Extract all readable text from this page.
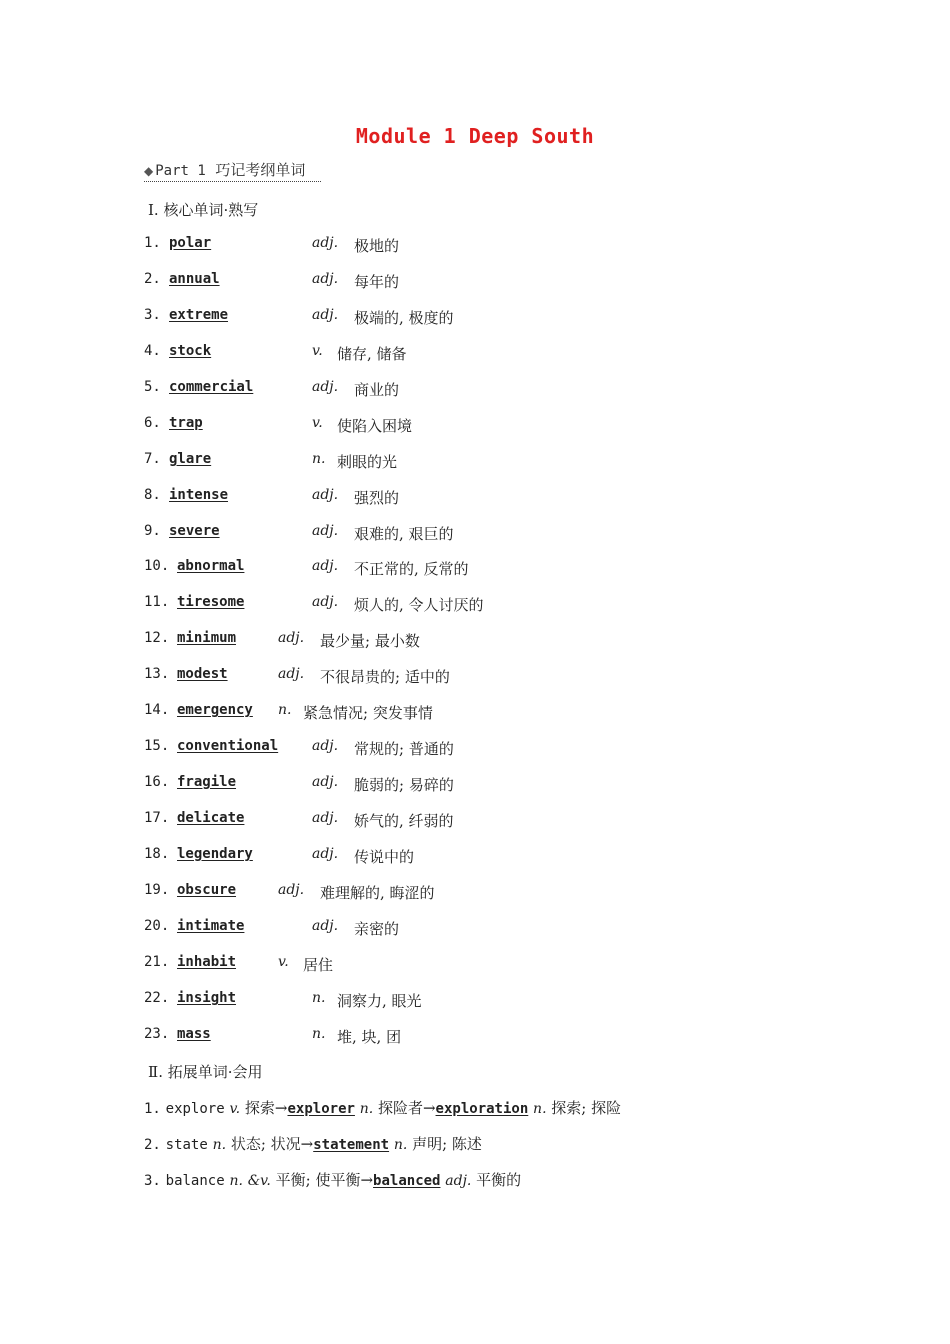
Module 1 Deep South
◆ Part 1 巧记考纲单词
Ⅰ. 核心单词·熟写
1. polar	adj. 极地的
2. annual	adj. 每年的
3. extreme	adj. 极端的, 极度的
4. stock	v. 储存, 储备
5. commercial	adj. 商业的
6. trap	v. 使陷入困境
7. glare	n. 刺眼的光
8. intense	adj. 强烈的
9. severe	adj. 艰难的, 艰巨的
10. abnormal	adj. 不正常的, 反常的
11. tiresome	adj. 烦人的, 令人讨厌的
12. minimum	adj. 最少量; 最小数
13. modest	adj. 不很昂贵的; 适中的
14. emergency n. 紧急情况; 突发事情
15. conventional adj. 常规的; 普通的
16. fragile	adj. 脆弱的; 易碎的
17. delicate	adj. 娇气的, 纤弱的
18. legendary	adj. 传说中的
19. obscure	adj. 难理解的, 晦涩的
20. intimate	adj. 亲密的
21. inhabit	v. 居住
22. insight	n. 洞察力, 眼光
23. mass	n. 堆, 块, 团
Ⅱ. 拓展单词·会用
1. explore v. 探索→explorer n. 探险者→exploration n. 探索; 探险
2. state n. 状态; 状况→statement n. 声明; 陈述
3. balance n. &v. 平衡; 使平衡→balanced adj. 平衡的
